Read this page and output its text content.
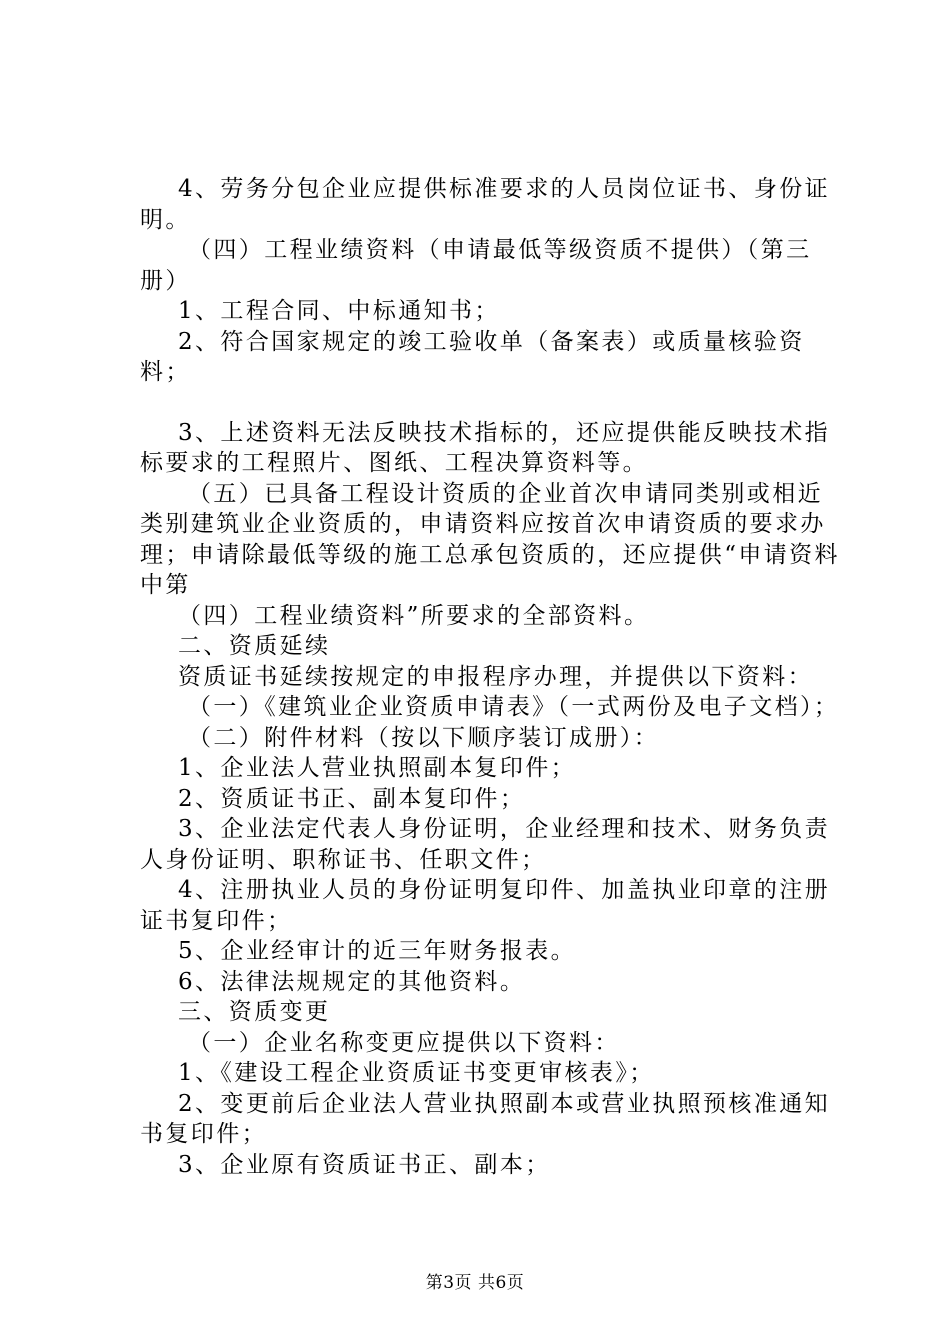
4、劳务分包企业应提供标准要求的人员岗位证书、身份证明。

（四）工程业绩资料（申请最低等级资质不提供）（第三册）

1、工程合同、中标通知书；

2、符合国家规定的竣工验收单（备案表）或质量核验资料；

3、上述资料无法反映技术指标的，还应提供能反映技术指标要求的工程照片、图纸、工程决算资料等。

（五）已具备工程设计资质的企业首次申请同类别或相近类别建筑业企业资质的，申请资料应按首次申请资质的要求办理；申请除最低等级的施工总承包资质的，还应提供“申请资料中第

（四）工程业绩资料”所要求的全部资料。

二、资质延续

资质证书延续按规定的申报程序办理，并提供以下资料：

（一）《建筑业企业资质申请表》（一式两份及电子文档）；

（二）附件材料（按以下顺序装订成册）：

1、企业法人营业执照副本复印件；

2、资质证书正、副本复印件；

3、企业法定代表人身份证明，企业经理和技术、财务负责人身份证明、职称证书、任职文件；

4、注册执业人员的身份证明复印件、加盖执业印章的注册证书复印件；

5、企业经审计的近三年财务报表。

6、法律法规规定的其他资料。

三、资质变更

（一）企业名称变更应提供以下资料：

1、《建设工程企业资质证书变更审核表》；

2、变更前后企业法人营业执照副本或营业执照预核准通知书复印件；

3、企业原有资质证书正、副本；

第3页 共6页
